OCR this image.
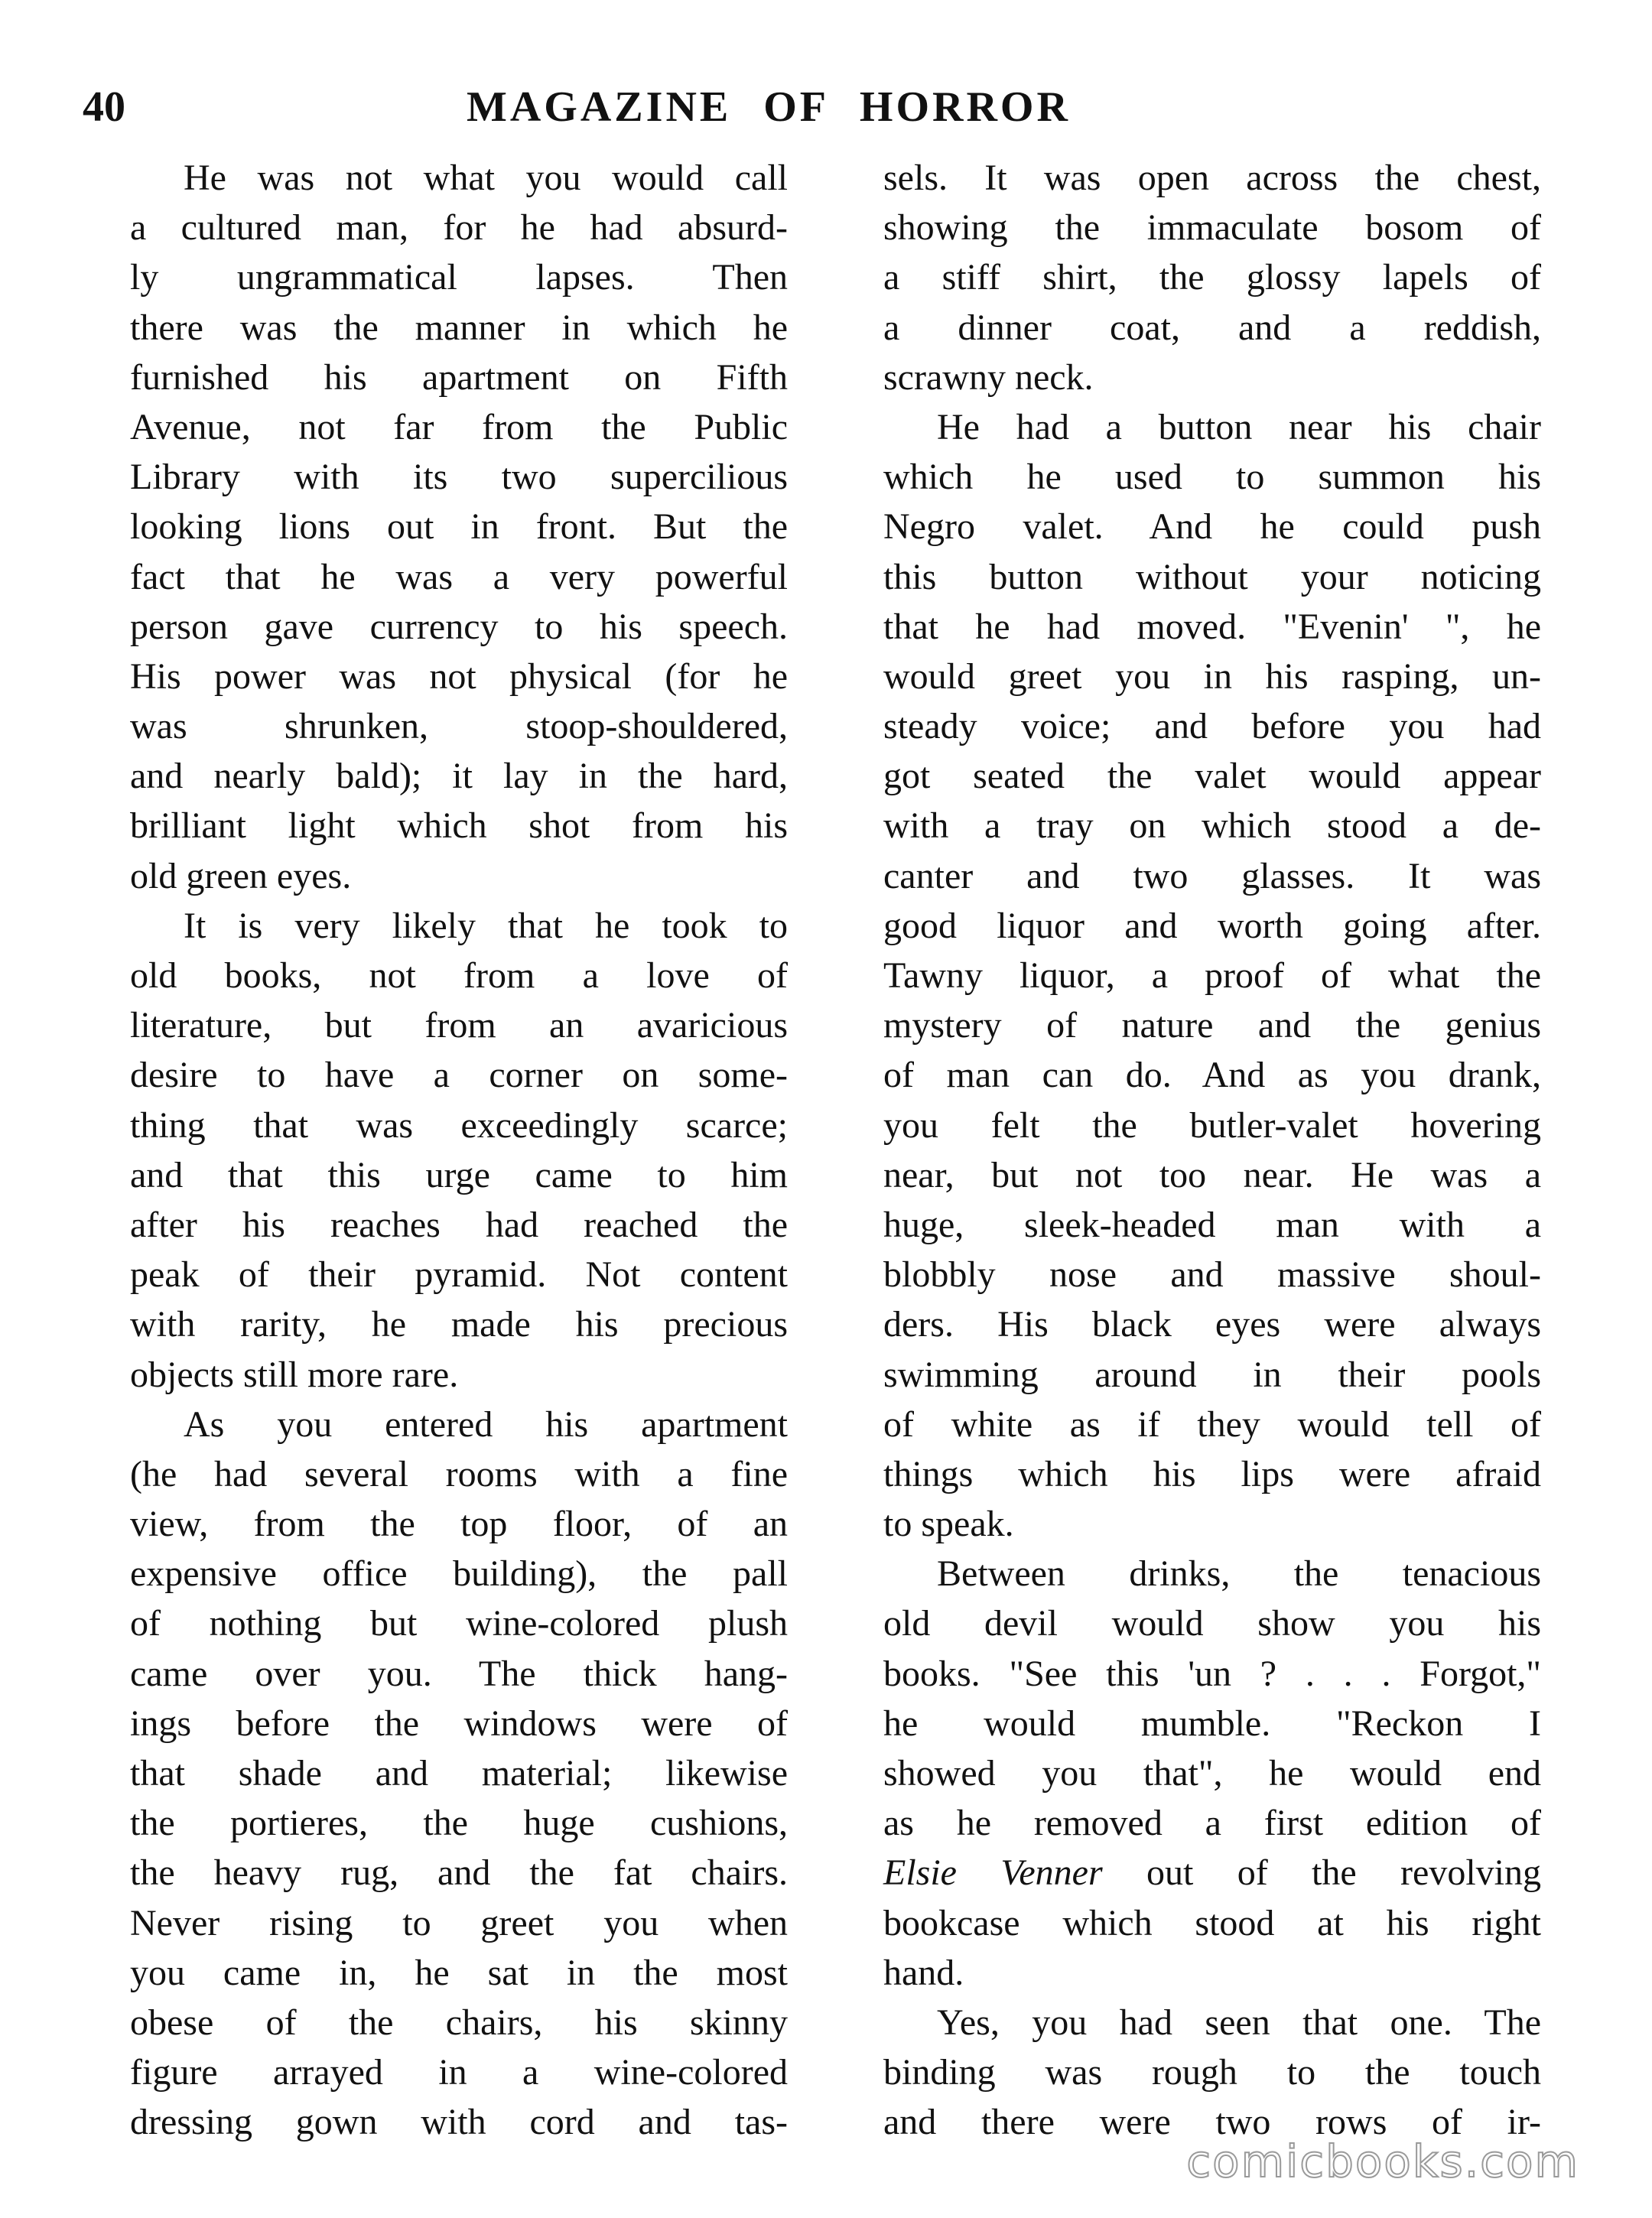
40	MAGAZINE OF HORROR
He was not what you would call
a cultured man, for he had absurd-
ly ungrammatical lapses. Then
there was the manner in which he
furnished his apartment on Fifth
Avenue, not far from the Public
Library with its two supercilious
looking lions out in front. But the
fact that he was a very powerful
person gave currency to his speech.
His power was not physical (for he
was shrunken, stoop-shouldered,
and nearly bald); it lay in the hard,
brilliant light which shot from his
old green eyes.
It is very likely that he took to
old books, not from a love of
literature, but from an avaricious
desire to have a corner on some-
thing that was exceedingly scarce;
and that this urge came to him
after his reaches had reached the
peak of their pyramid. Not content
with rarity, he made his precious
objects still more rare.
As you entered his apartment
(he had several rooms with a fine
view, from the top floor, of an
expensive office building), the pall
of nothing but wine-colored plush
came over you. The thick hang-
ings before the windows were of
that shade and material; likewise
the portieres, the huge cushions,
the heavy rug, and the fat chairs.
Never rising to greet you when
you came in, he sat in the most
obese of the chairs, his skinny
figure arrayed in a wine-colored
dressing gown with cord and tas-
sels. It was open across the chest,
showing the immaculate bosom of
a stiff shirt, the glossy lapels of
a dinner coat, and a reddish,
scrawny neck.
He had a button near his chair
which he used to summon his
Negro valet. And he could push
this button without your noticing
that he had moved. "Evenin' ", he
would greet you in his rasping, un-
steady voice; and before you had
got seated the valet would appear
with a tray on which stood a de-
canter and two glasses. It was
good liquor and worth going after.
Tawny liquor, a proof of what the
mystery of nature and the genius
of man can do. And as you drank,
you felt the butler-valet hovering
near, but not too near. He was a
huge, sleek-headed man with a
blobbly nose and massive shoul-
ders. His black eyes were always
swimming around in their pools
of white as if they would tell of
things which his lips were afraid
to speak.
Between drinks, the tenacious
old devil would show you his
books. "See this 'un ? . . . Forgot,"
he would mumble. "Reckon I
showed you that", he would end
as he removed a first edition of
Elsie Venner out of the revolving
bookcase which stood at his right
hand.
Yes, you had seen that one. The
binding was rough to the touch
and there were two rows of ir-
comicbooks.com
